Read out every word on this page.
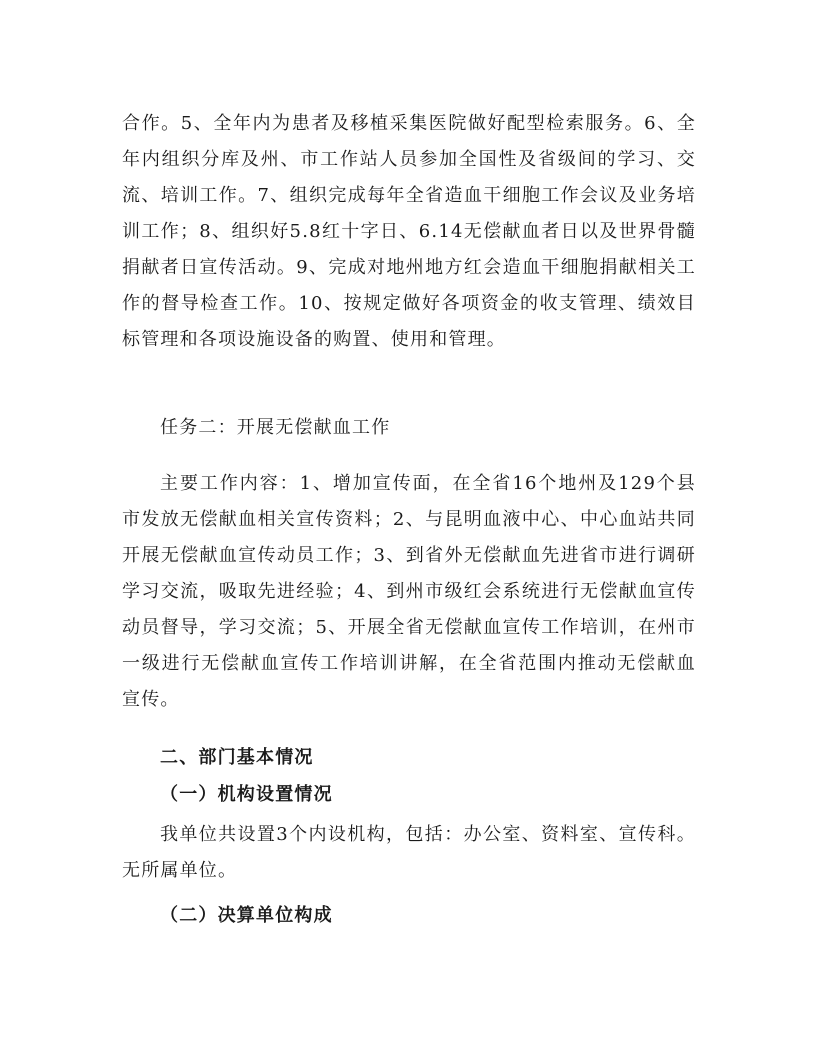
合作。5、全年内为患者及移植采集医院做好配型检索服务。6、全年内组织分库及州、市工作站人员参加全国性及省级间的学习、交流、培训工作。7、组织完成每年全省造血干细胞工作会议及业务培训工作；8、组织好5.8红十字日、6.14无偿献血者日以及世界骨髓捐献者日宣传活动。9、完成对地州地方红会造血干细胞捐献相关工作的督导检查工作。10、按规定做好各项资金的收支管理、绩效目标管理和各项设施设备的购置、使用和管理。

任务二：开展无偿献血工作

主要工作内容：1、增加宣传面，在全省16个地州及129个县市发放无偿献血相关宣传资料；2、与昆明血液中心、中心血站共同开展无偿献血宣传动员工作；3、到省外无偿献血先进省市进行调研学习交流，吸取先进经验；4、到州市级红会系统进行无偿献血宣传动员督导，学习交流；5、开展全省无偿献血宣传工作培训，在州市一级进行无偿献血宣传工作培训讲解，在全省范围内推动无偿献血宣传。

二、部门基本情况

（一）机构设置情况

我单位共设置3个内设机构，包括：办公室、资料室、宣传科。无所属单位。

（二）决算单位构成
